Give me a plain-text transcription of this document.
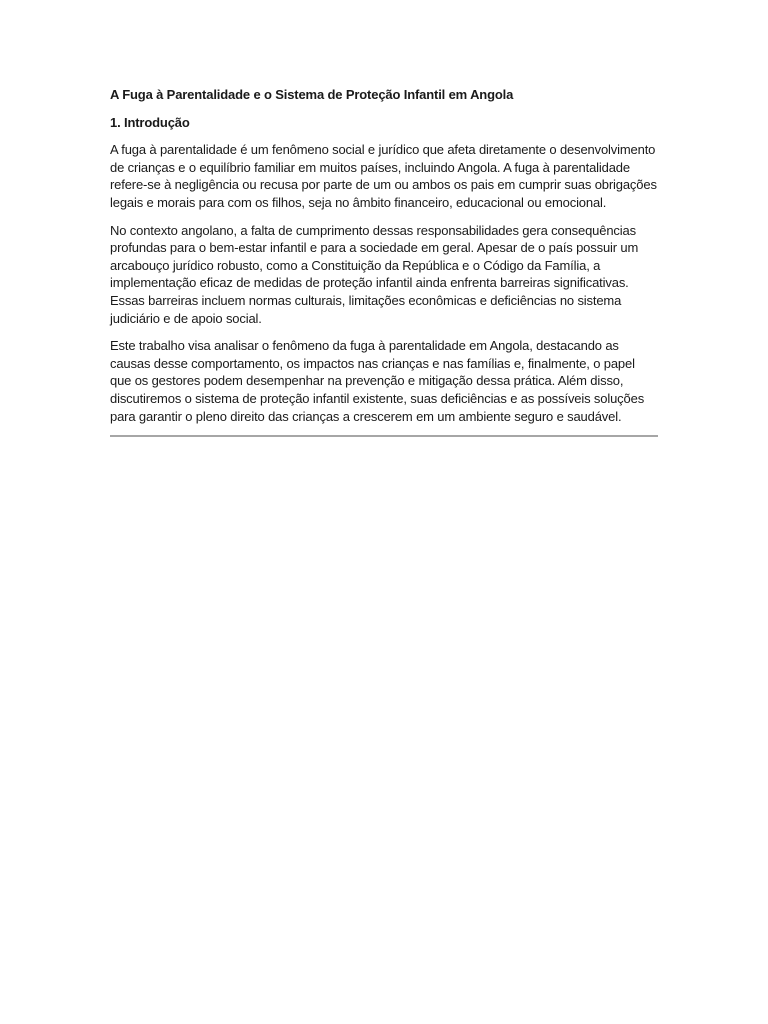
A Fuga à Parentalidade e o Sistema de Proteção Infantil em Angola

1. Introdução

A fuga à parentalidade é um fenômeno social e jurídico que afeta diretamente o desenvolvimento de crianças e o equilíbrio familiar em muitos países, incluindo Angola. A fuga à parentalidade refere-se à negligência ou recusa por parte de um ou ambos os pais em cumprir suas obrigações legais e morais para com os filhos, seja no âmbito financeiro, educacional ou emocional.

No contexto angolano, a falta de cumprimento dessas responsabilidades gera consequências profundas para o bem-estar infantil e para a sociedade em geral. Apesar de o país possuir um arcabouço jurídico robusto, como a Constituição da República e o Código da Família, a implementação eficaz de medidas de proteção infantil ainda enfrenta barreiras significativas. Essas barreiras incluem normas culturais, limitações econômicas e deficiências no sistema judiciário e de apoio social.

Este trabalho visa analisar o fenômeno da fuga à parentalidade em Angola, destacando as causas desse comportamento, os impactos nas crianças e nas famílias e, finalmente, o papel que os gestores podem desempenhar na prevenção e mitigação dessa prática. Além disso, discutiremos o sistema de proteção infantil existente, suas deficiências e as possíveis soluções para garantir o pleno direito das crianças a crescerem em um ambiente seguro e saudável.
